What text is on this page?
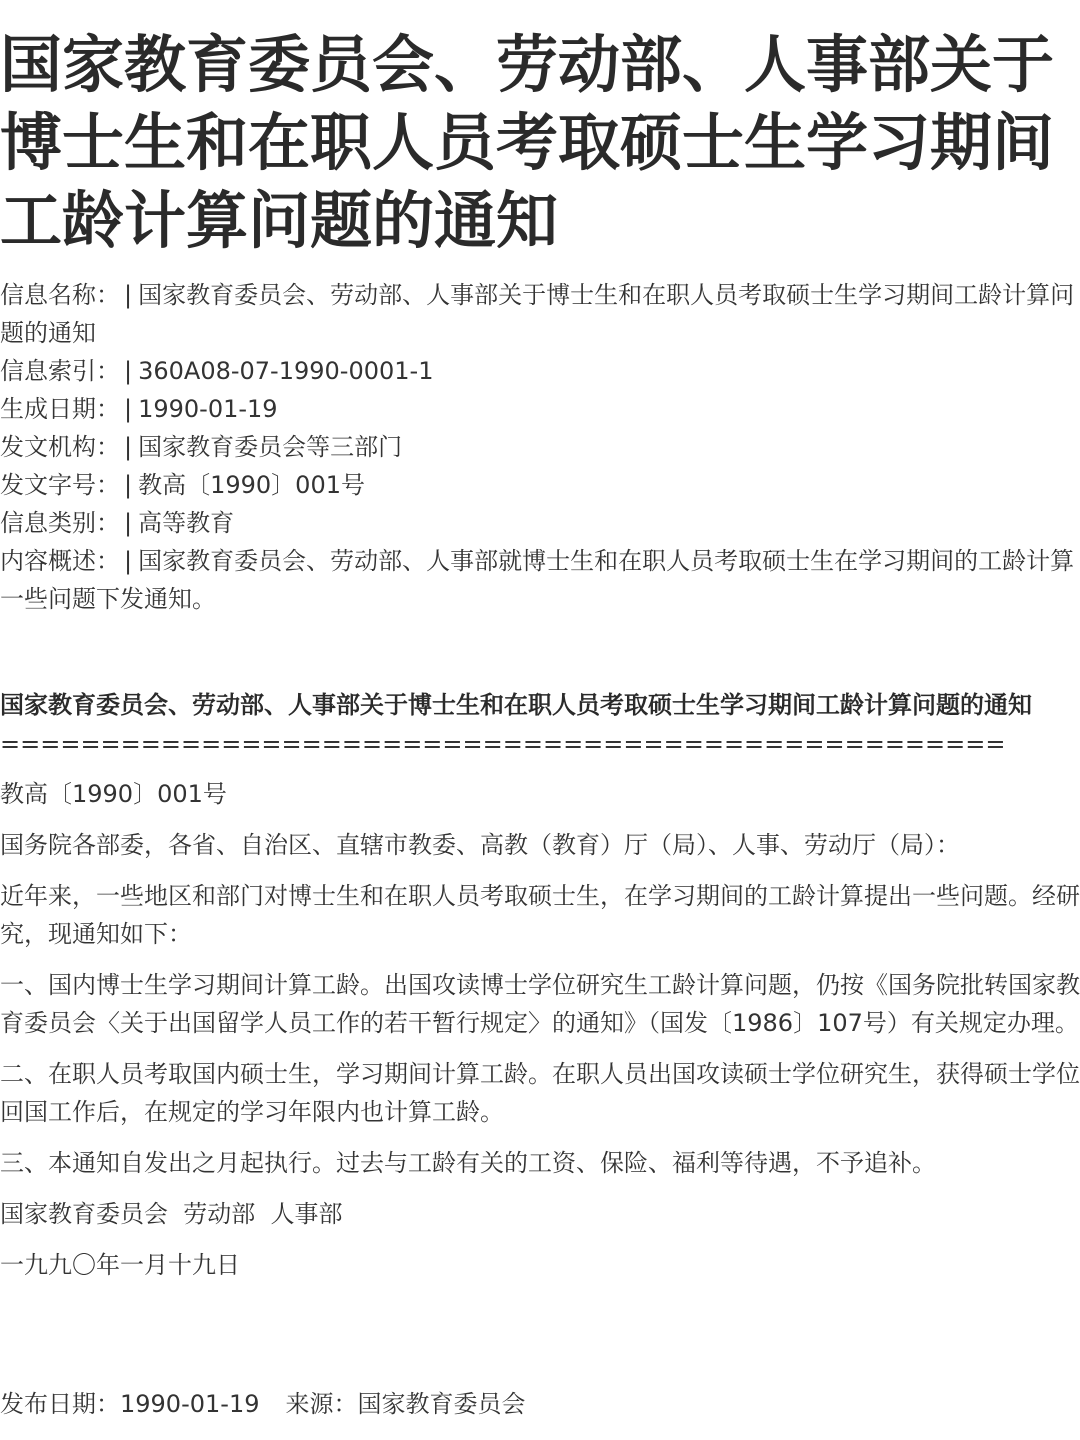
国家教育委员会、劳动部、人事部关于博士生和在职人员考取硕士生学习期间工龄计算问题的通知
信息名称： | 国家教育委员会、劳动部、人事部关于博士生和在职人员考取硕士生学习期间工龄计算问题的通知
信息索引： | 360A08-07-1990-0001-1
生成日期： | 1990-01-19
发文机构： | 国家教育委员会等三部门
发文字号： | 教高〔1990〕001号
信息类别： | 高等教育
内容概述： | 国家教育委员会、劳动部、人事部就博士生和在职人员考取硕士生在学习期间的工龄计算一些问题下发通知。
国家教育委员会、劳动部、人事部关于博士生和在职人员考取硕士生学习期间工龄计算问题的通知
==================================================

教高〔1990〕001号

国务院各部委，各省、自治区、直辖市教委、高教（教育）厅（局）、人事、劳动厅（局）：

近年来，一些地区和部门对博士生和在职人员考取硕士生，在学习期间的工龄计算提出一些问题。经研究，现通知如下：

一、国内博士生学习期间计算工龄。出国攻读博士学位研究生工龄计算问题，仍按《国务院批转国家教育委员会〈关于出国留学人员工作的若干暂行规定〉的通知》（国发〔1986〕107号）有关规定办理。

二、在职人员考取国内硕士生，学习期间计算工龄。在职人员出国攻读硕士学位研究生，获得硕士学位回国工作后，在规定的学习年限内也计算工龄。

三、本通知自发出之月起执行。过去与工龄有关的工资、保险、福利等待遇，不予追补。

国家教育委员会  劳动部  人事部

一九九〇年一月十九日

发布日期：1990-01-19 来源：国家教育委员会
